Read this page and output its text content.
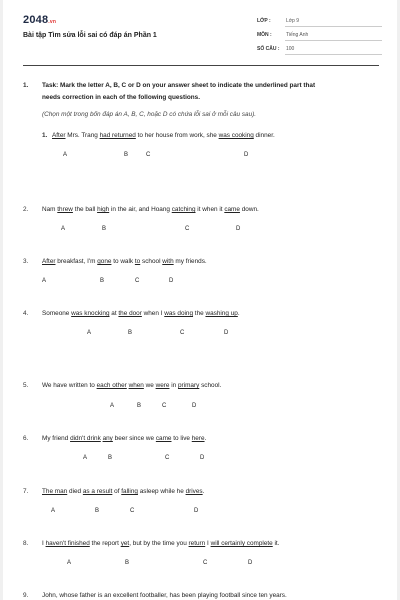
2048.vn
Bài tập Tìm sửa lỗi sai có đáp án Phần 1
LỚP :	Lớp 9
MÔN :	Tiếng Anh
SỐ CÂU : 100
1. Task: Mark the letter A, B, C or D on your answer sheet to indicate the underlined part that
needs correction in each of the following questions.
(Chọn một trong bốn đáp án A, B, C, hoặc D có chứa lỗi sai ở mỗi câu sau).
1. After Mrs. Trang had returned to her house from work, she was cooking dinner.
A	B	C	D
2. Nam threw the ball high in the air, and Hoang catching it when it came down.
A	B	C	D
3. After breakfast, I'm gone to walk to school with my friends.
A	B	C	D
4. Someone was knocking at the door when I was doing the washing up.
A	B	C	D
5. We have written to each other when we were in primary school.
A	B	C	D
6. My friend didn't drink any beer since we came to live here.
A	B	C	D
7. The man died as a result of falling asleep while he drives.
A	B	C	D
8. I haven't finished the report yet, but by the time you return I will certainly complete it.
A	B	C	D
9. John, whose father is an excellent footballer, has been playing football since ten years.
